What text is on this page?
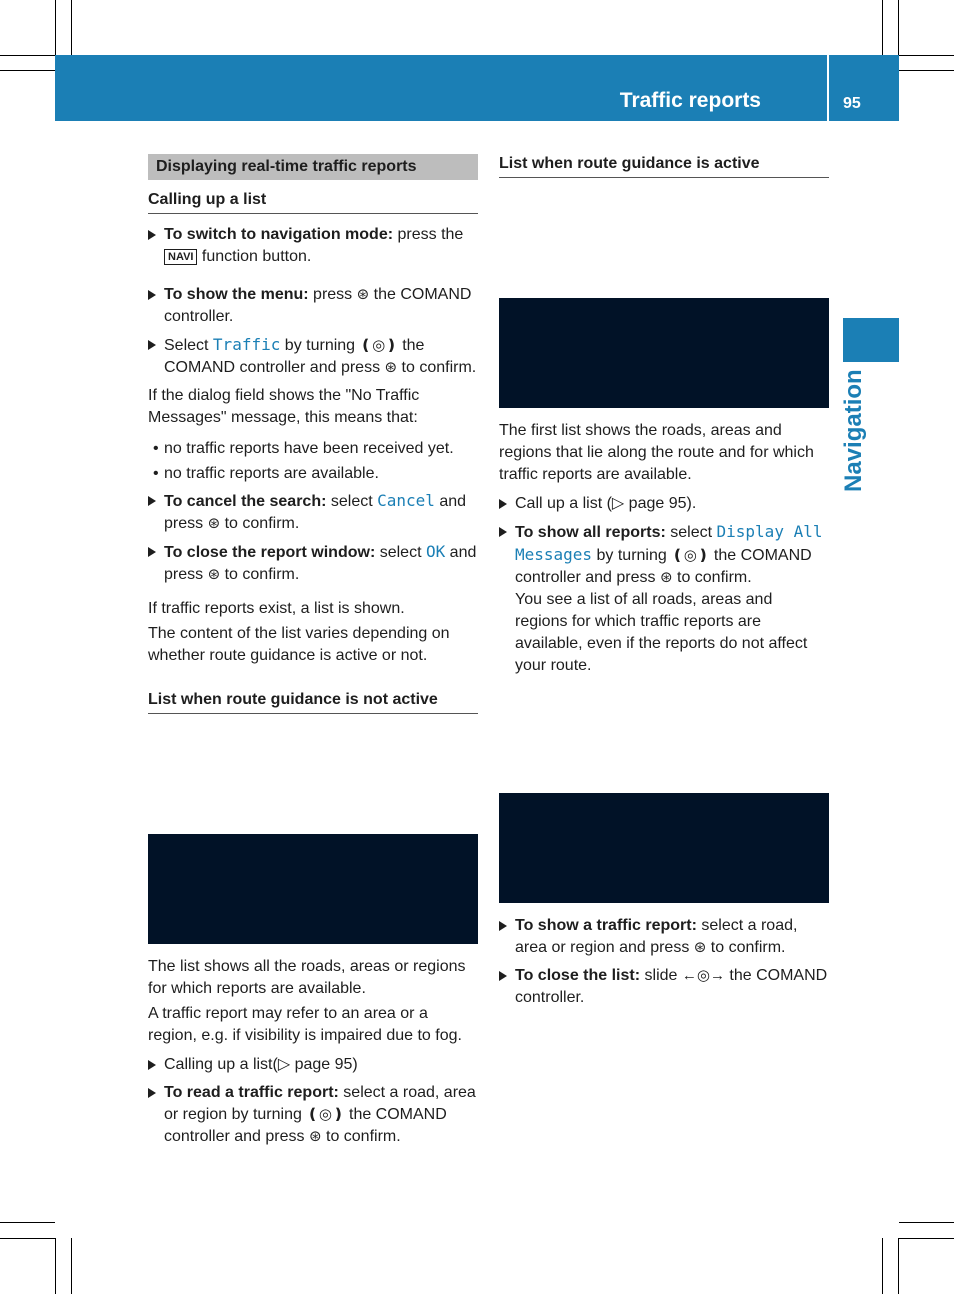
Traffic reports	95
Navigation
Displaying real-time traffic reports
Calling up a list
To switch to navigation mode: press the NAVI function button.
To show the menu: press ⊛ the COMAND controller.
Select Traffic by turning ❪◎❫ the COMAND controller and press ⊛ to confirm.
If the dialog field shows the "No Traffic Messages" message, this means that:
• no traffic reports have been received yet.
• no traffic reports are available.
To cancel the search: select Cancel and press ⊛ to confirm.
To close the report window: select OK and press ⊛ to confirm.
If traffic reports exist, a list is shown.
The content of the list varies depending on whether route guidance is active or not.
List when route guidance is not active
The list shows all the roads, areas or regions for which reports are available.
A traffic report may refer to an area or a region, e.g. if visibility is impaired due to fog.
Calling up a list(▷ page 95)
To read a traffic report: select a road, area or region by turning ❪◎❫ the COMAND controller and press ⊛ to confirm.
List when route guidance is active
The first list shows the roads, areas and regions that lie along the route and for which traffic reports are available.
Call up a list (▷ page 95).
To show all reports: select Display All Messages by turning ❪◎❫ the COMAND controller and press ⊛ to confirm.
You see a list of all roads, areas and regions for which traffic reports are available, even if the reports do not affect your route.
To show a traffic report: select a road, area or region and press ⊛ to confirm.
To close the list: slide ←◎→ the COMAND controller.
